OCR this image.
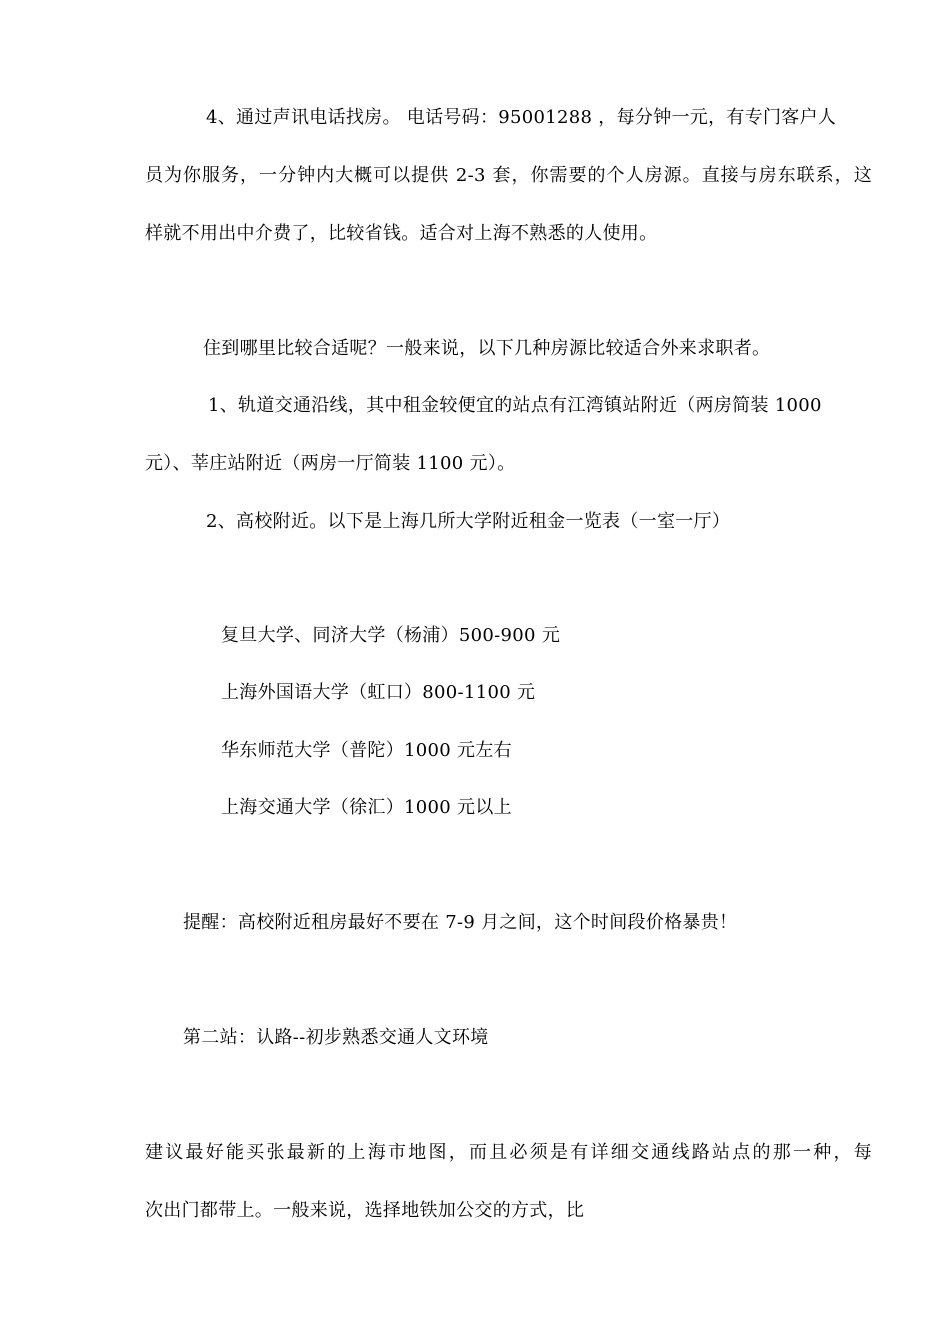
4、通过声讯电话找房。 电话号码：95001288 ，每分钟一元，有专门客户人
员为你服务，一分钟内大概可以提供 2-3 套，你需要的个人房源。直接与房东联系，这
样就不用出中介费了，比较省钱。适合对上海不熟悉的人使用。
住到哪里比较合适呢？一般来说，以下几种房源比较适合外来求职者。
1、轨道交通沿线，其中租金较便宜的站点有江湾镇站附近（两房简装 1000
元）、莘庄站附近（两房一厅简装 1100 元）。
2、高校附近。以下是上海几所大学附近租金一览表（一室一厅）
复旦大学、同济大学（杨浦）500-900 元
上海外国语大学（虹口）800-1100 元
华东师范大学（普陀）1000 元左右
上海交通大学（徐汇）1000 元以上
提醒：高校附近租房最好不要在 7-9 月之间，这个时间段价格暴贵！
第二站：认路--初步熟悉交通人文环境
建议最好能买张最新的上海市地图，而且必须是有详细交通线路站点的那一种，每
次出门都带上。一般来说，选择地铁加公交的方式，比
